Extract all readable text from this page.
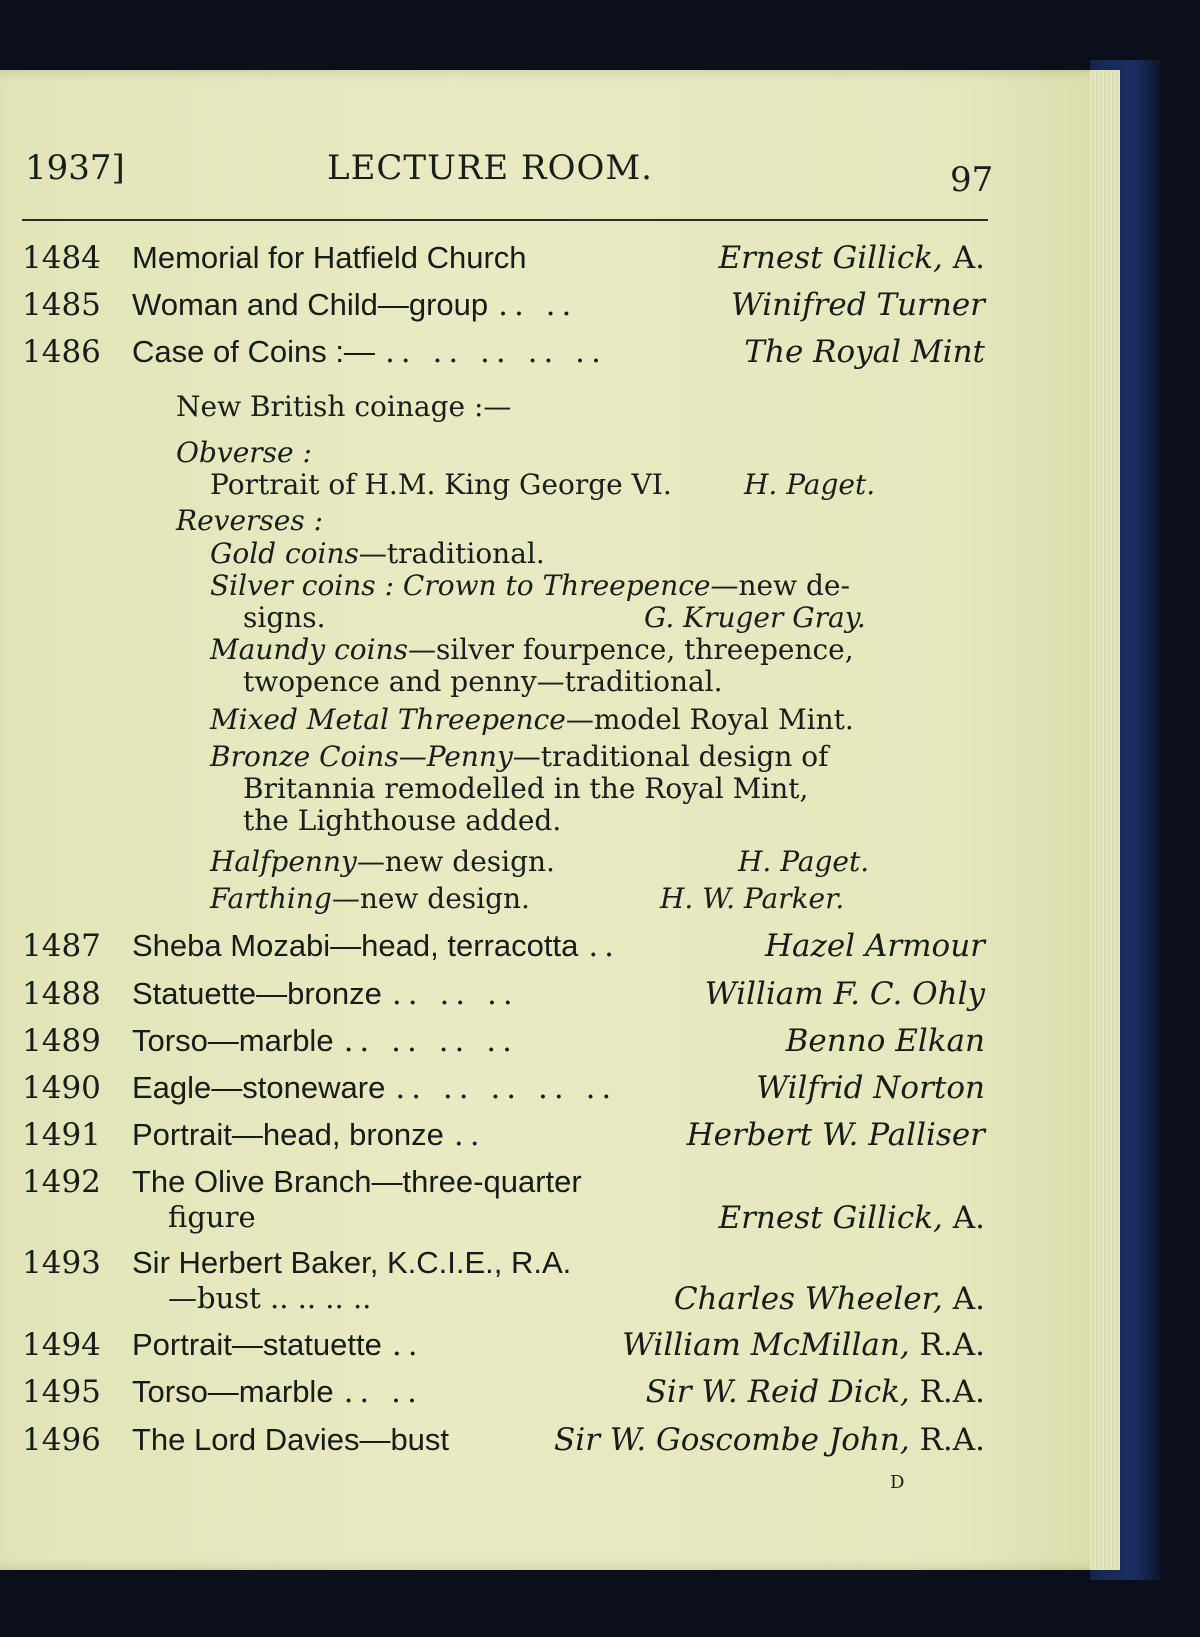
1937]	LECTURE ROOM.	97
1484 Memorial for Hatfield Church	Ernest Gillick, A.
1485 Woman and Child—group .. ..	Winifred Turner
1486 Case of Coins :— .. .. .. .. ..	The Royal Mint
New British coinage :—
Obverse :
Portrait of H.M. King George VI.	H. Paget.
Reverses :
Gold coins—traditional.
Silver coins : Crown to Threepence—new de-
signs.	G. Kruger Gray.
Maundy coins—silver fourpence, threepence,
twopence and penny—traditional.
Mixed Metal Threepence—model Royal Mint.
Bronze Coins—Penny—traditional design of
Britannia remodelled in the Royal Mint,
the Lighthouse added.
Halfpenny—new design.	H. Paget.
Farthing—new design.	H. W. Parker.
1487 Sheba Mozabi—head, terracotta ..	Hazel Armour
1488 Statuette—bronze .. .. ..	William F. C. Ohly
1489 Torso—marble .. .. .. ..	Benno Elkan
1490 Eagle—stoneware .. .. .. .. ..	Wilfrid Norton
1491 Portrait—head, bronze ..	Herbert W. Palliser
1492 The Olive Branch—three-quarter
figure	Ernest Gillick, A.
1493 Sir Herbert Baker, K.C.I.E., R.A.
—bust .. .. .. ..	Charles Wheeler, A.
1494 Portrait—statuette ..	William McMillan, R.A.
1495 Torso—marble .. ..	Sir W. Reid Dick, R.A.
1496 The Lord Davies—bust	Sir W. Goscombe John, R.A.
D
